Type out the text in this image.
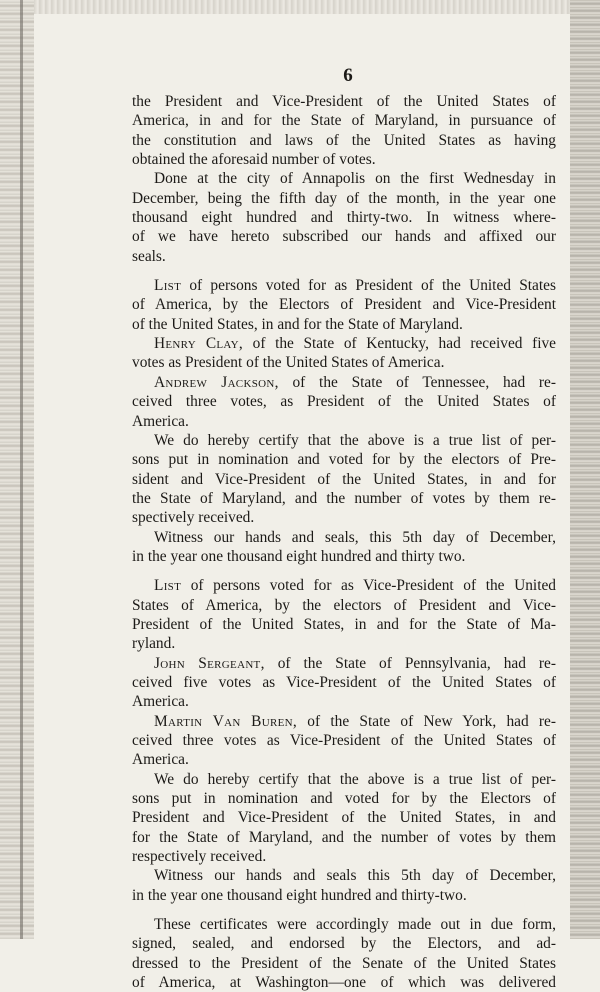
6
the President and Vice-President of the United States of
America, in and for the State of Maryland, in pursuance of
the constitution and laws of the United States as having
obtained the aforesaid number of votes.
Done at the city of Annapolis on the first Wednesday in
December, being the fifth day of the month, in the year one
thousand eight hundred and thirty-two. In witness where-
of we have hereto subscribed our hands and affixed our
seals.
List of persons voted for as President of the United States
of America, by the Electors of President and Vice-President
of the United States, in and for the State of Maryland.
Henry Clay, of the State of Kentucky, had received five
votes as President of the United States of America.
Andrew Jackson, of the State of Tennessee, had re-
ceived three votes, as President of the United States of
America.
We do hereby certify that the above is a true list of per-
sons put in nomination and voted for by the electors of Pre-
sident and Vice-President of the United States, in and for
the State of Maryland, and the number of votes by them re-
spectively received.
Witness our hands and seals, this 5th day of December,
in the year one thousand eight hundred and thirty two.
List of persons voted for as Vice-President of the United
States of America, by the electors of President and Vice-
President of the United States, in and for the State of Ma-
ryland.
John Sergeant, of the State of Pennsylvania, had re-
ceived five votes as Vice-President of the United States of
America.
Martin Van Buren, of the State of New York, had re-
ceived three votes as Vice-President of the United States of
America.
We do hereby certify that the above is a true list of per-
sons put in nomination and voted for by the Electors of
President and Vice-President of the United States, in and
for the State of Maryland, and the number of votes by them
respectively received.
Witness our hands and seals this 5th day of December,
in the year one thousand eight hundred and thirty-two.
These certificates were accordingly made out in due form,
signed, sealed, and endorsed by the Electors, and ad-
dressed to the President of the Senate of the United States
of America, at Washington—one of which was delivered
